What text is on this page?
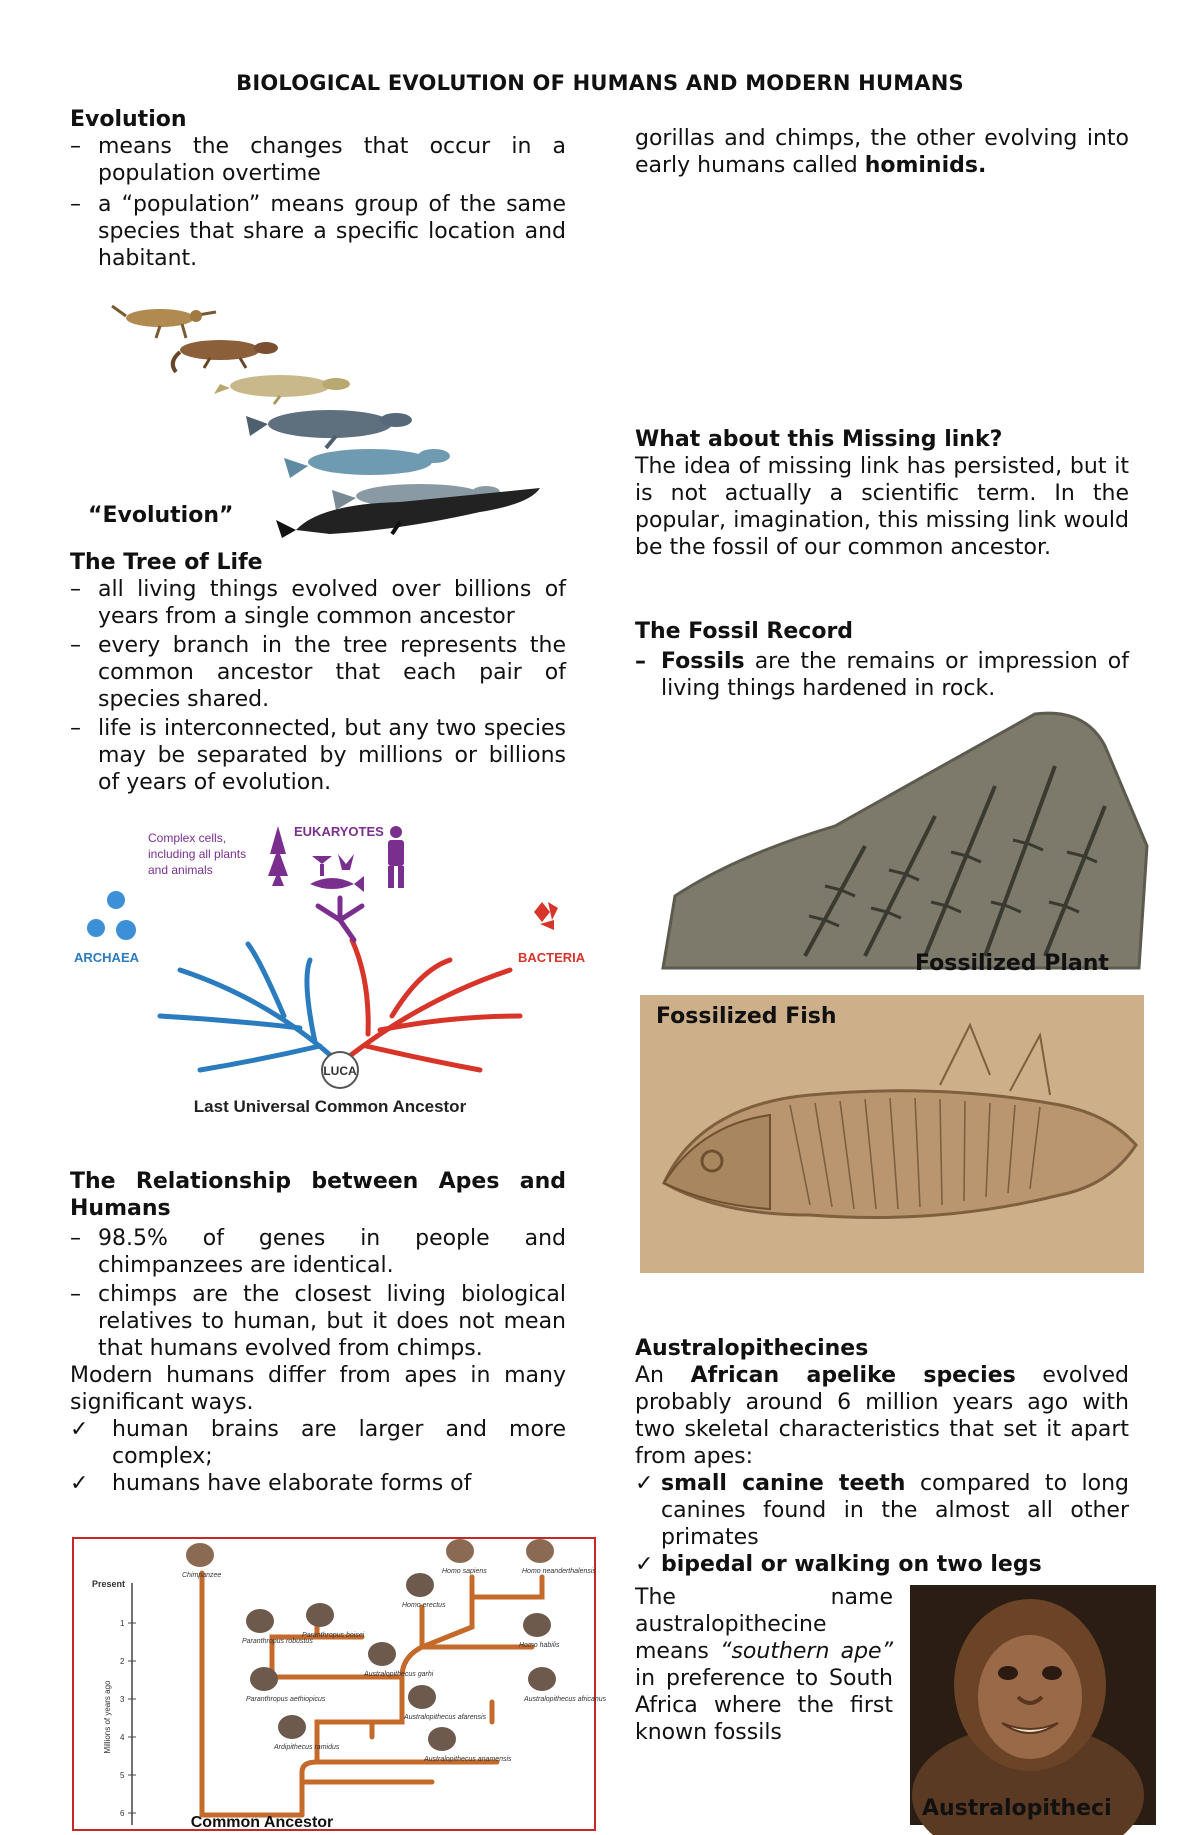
BIOLOGICAL EVOLUTION OF HUMANS AND MODERN HUMANS
Evolution
– means the changes that occur in a population overtime
– a “population” means group of the same species that share a specific location and habitant.
“Evolution”
The Tree of Life
– all living things evolved over billions of years from a single common ancestor
– every branch in the tree represents the common ancestor that each pair of species shared.
– life is interconnected, but any two species may be separated by millions or billions of years of evolution.
Complex cells,
including all plants
and animals
EUKARYOTES
ARCHAEA	BACTERIA
LUCA
Last Universal Common Ancestor
The Relationship between Apes and Humans
– 98.5% of genes in people and chimpanzees are identical.
– chimps are the closest living biological relatives to human, but it does not mean that humans evolved from chimps.
Modern humans differ from apes in many significant ways.
✓ human brains are larger and more complex;
✓ humans have elaborate forms of
Present
1
2
3
4
5
6
Millions of years ago
Chimpanzee
Homo sapiens	Homo neanderthalensis
Homo erectus
Paranthropus robustus
Paranthropus boisei
Homo habilis
Australopithecus garhi
Paranthropus aethiopicus	Australopithecus africanus
Australopithecus afarensis
Ardipithecus ramidus
Australopithecus anamensis
Common Ancestor
gorillas and chimps, the other evolving into early humans called hominids.
What about this Missing link?
The idea of missing link has persisted, but it is not actually a scientific term. In the popular, imagination, this missing link would be the fossil of our common ancestor.
The Fossil Record
– Fossils are the remains or impression of living things hardened in rock.
Fossilized Plant
Fossilized Fish
Australopithecines
An African apelike species evolved probably around 6 million years ago with two skeletal characteristics that set it apart from apes:
✓ small canine teeth compared to long canines found in the almost all other primates
✓ bipedal or walking on two legs
The name australopithecine means “southern ape” in preference to South Africa where the first known fossils
Australopitheci
